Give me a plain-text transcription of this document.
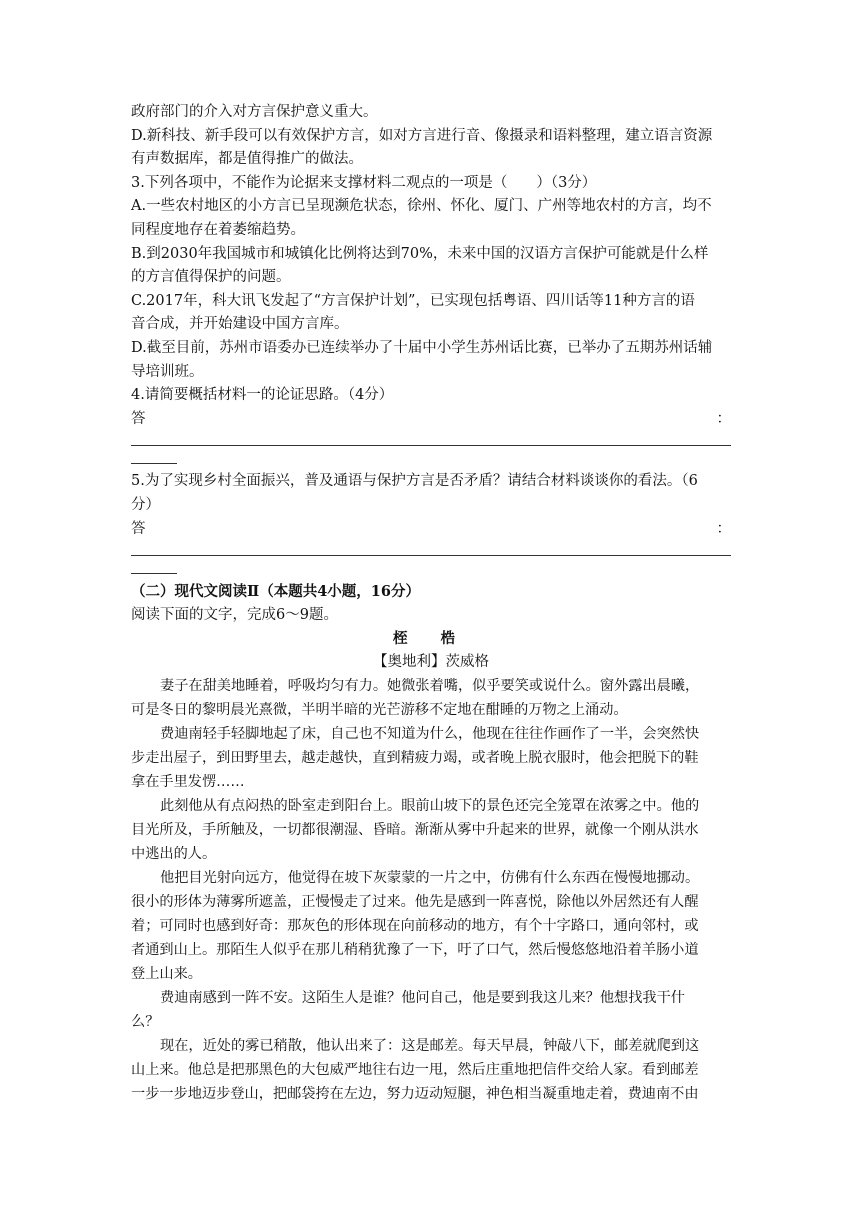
政府部门的介入对方言保护意义重大。
D.新科技、新手段可以有效保护方言，如对方言进行音、像摄录和语料整理，建立语言资源
有声数据库，都是值得推广的做法。
3.下列各项中，不能作为论据来支撑材料二观点的一项是（　　）（3分）
A.一些农村地区的小方言已呈现濒危状态，徐州、怀化、厦门、广州等地农村的方言，均不
同程度地存在着萎缩趋势。
B.到2030年我国城市和城镇化比例将达到70%，未来中国的汉语方言保护可能就是什么样
的方言值得保护的问题。
C.2017年，科大讯飞发起了“方言保护计划”，已实现包括粤语、四川话等11种方言的语
音合成，并开始建设中国方言库。
D.截至目前，苏州市语委办已连续举办了十届中小学生苏州话比赛，已举办了五期苏州话辅
导培训班。
4.请简要概括材料一的论证思路。（4分）
答	：
5.为了实现乡村全面振兴，普及通语与保护方言是否矛盾？请结合材料谈谈你的看法。（6
分）
答	：
（二）现代文阅读Ⅱ（本题共4小题，16分）
阅读下面的文字，完成6～9题。
桎 梏
【奥地利】茨威格
妻子在甜美地睡着，呼吸均匀有力。她微张着嘴，似乎要笑或说什么。窗外露出晨曦，
可是冬日的黎明晨光熹微，半明半暗的光芒游移不定地在酣睡的万物之上涌动。
费迪南轻手轻脚地起了床，自己也不知道为什么，他现在往往作画作了一半，会突然快
步走出屋子，到田野里去，越走越快，直到精疲力竭，或者晚上脱衣服时，他会把脱下的鞋
拿在手里发愣……
此刻他从有点闷热的卧室走到阳台上。眼前山坡下的景色还完全笼罩在浓雾之中。他的
目光所及，手所触及，一切都很潮湿、昏暗。渐渐从雾中升起来的世界，就像一个刚从洪水
中逃出的人。
他把目光射向远方，他觉得在坡下灰蒙蒙的一片之中，仿佛有什么东西在慢慢地挪动。
很小的形体为薄雾所遮盖，正慢慢走了过来。他先是感到一阵喜悦，除他以外居然还有人醒
着；可同时也感到好奇：那灰色的形体现在向前移动的地方，有个十字路口，通向邻村，或
者通到山上。那陌生人似乎在那儿稍稍犹豫了一下，吁了口气，然后慢悠悠地沿着羊肠小道
登上山来。
费迪南感到一阵不安。这陌生人是谁？他问自己，他是要到我这儿来？他想找我干什
么？
现在，近处的雾已稍散，他认出来了：这是邮差。每天早晨，钟敲八下，邮差就爬到这
山上来。他总是把那黑色的大包威严地往右边一甩，然后庄重地把信件交给人家。看到邮差
一步一步地迈步登山，把邮袋挎在左边，努力迈动短腿，神色相当凝重地走着，费迪南不由
